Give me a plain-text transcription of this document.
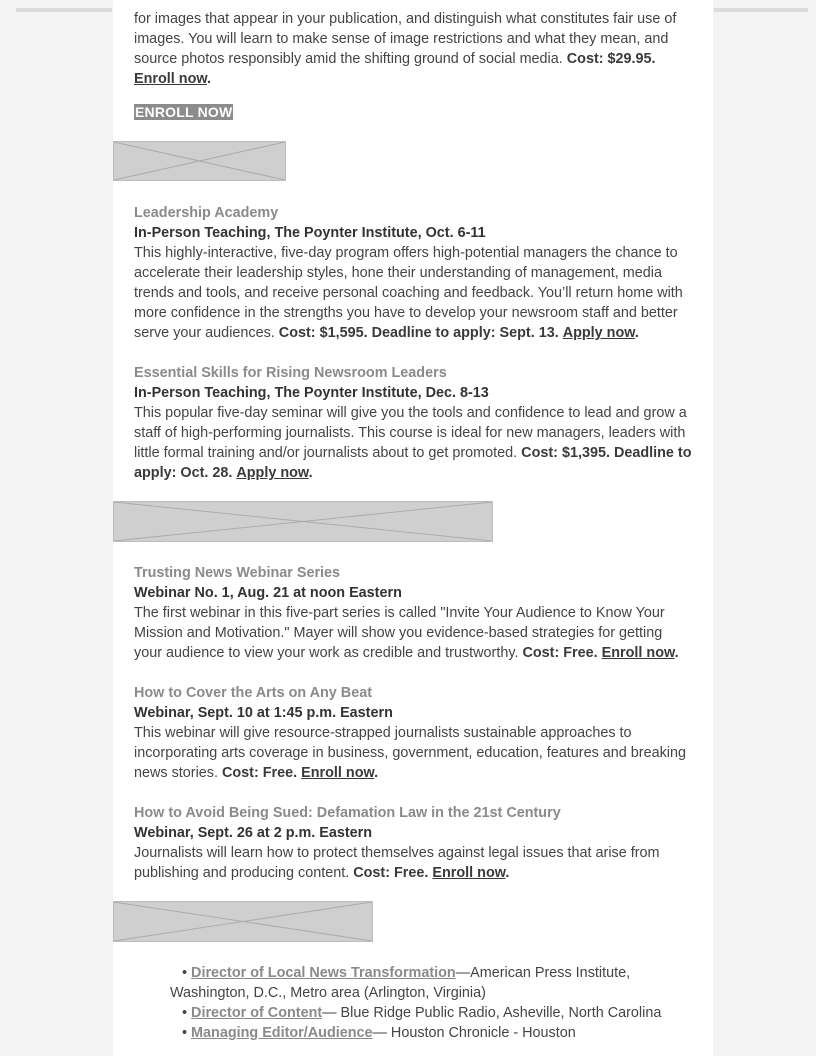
for images that appear in your publication, and distinguish what constitutes fair use of images. You will learn to make sense of image restrictions and what they mean, and source photos responsibly amid the shifting ground of social media. Cost: $29.95. Enroll now.

ENROLL NOW

Leadership Academy

In-Person Teaching, The Poynter Institute, Oct. 6-11

This highly-interactive, five-day program offers high-potential managers the chance to accelerate their leadership styles, hone their understanding of management, media trends and tools, and receive personal coaching and feedback. You’ll return home with more confidence in the strengths you have to develop your newsroom staff and better serve your audiences. Cost: $1,595. Deadline to apply: Sept. 13. Apply now.

Essential Skills for Rising Newsroom Leaders

In-Person Teaching, The Poynter Institute, Dec. 8-13

This popular five-day seminar will give you the tools and confidence to lead and grow a staff of high-performing journalists. This course is ideal for new managers, leaders with little formal training and/or journalists about to get promoted. Cost: $1,395. Deadline to apply: Oct. 28. Apply now.

Trusting News Webinar Series

Webinar No. 1, Aug. 21 at noon Eastern

The first webinar in this five-part series is called "Invite Your Audience to Know Your Mission and Motivation." Mayer will show you evidence-based strategies for getting your audience to view your work as credible and trustworthy. Cost: Free. Enroll now.

How to Cover the Arts on Any Beat

Webinar, Sept. 10 at 1:45 p.m. Eastern

This webinar will give resource-strapped journalists sustainable approaches to incorporating arts coverage in business, government, education, features and breaking news stories. Cost: Free. Enroll now.

How to Avoid Being Sued: Defamation Law in the 21st Century

Webinar, Sept. 26 at 2 p.m. Eastern

Journalists will learn how to protect themselves against legal issues that arise from publishing and producing content. Cost: Free. Enroll now.

• Director of Local News Transformation—American Press Institute, Washington, D.C., Metro area (Arlington, Virginia)
• Director of Content— Blue Ridge Public Radio, Asheville, North Carolina
• Managing Editor/Audience— Houston Chronicle - Houston
